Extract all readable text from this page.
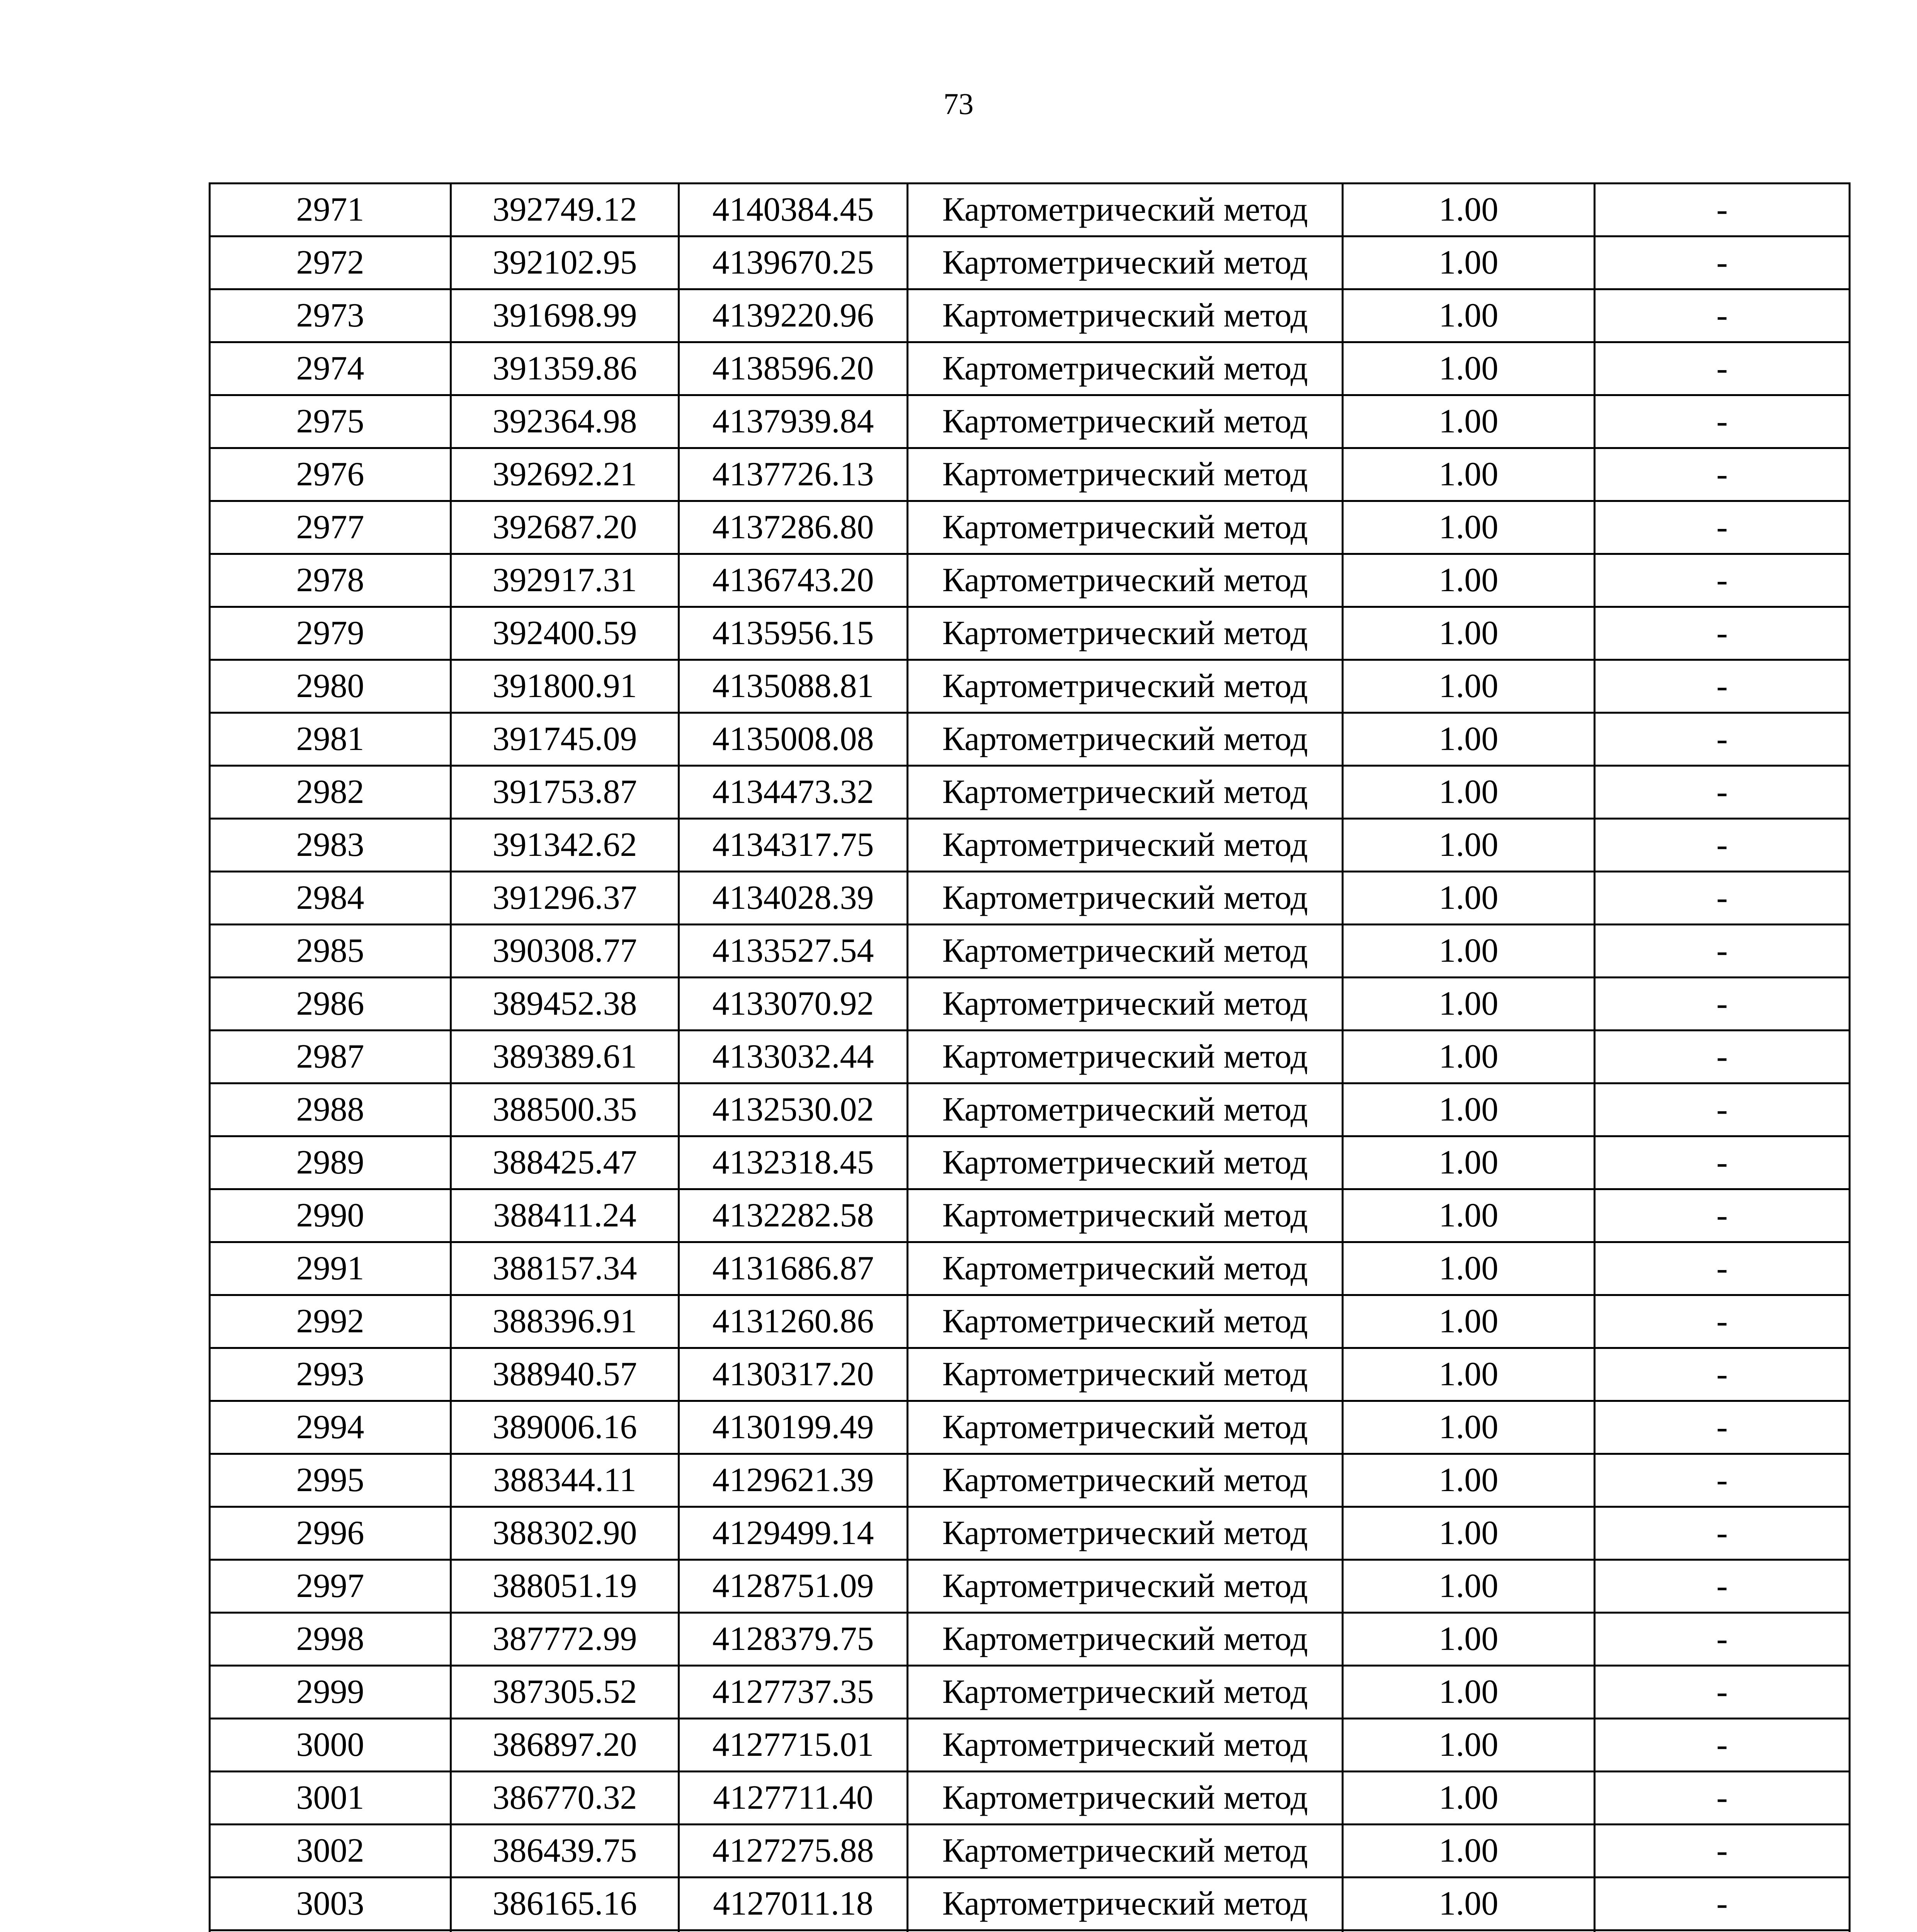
73
2971	392749.12	4140384.45	Картометрический метод	1.00	-
2972	392102.95	4139670.25	Картометрический метод	1.00	-
2973	391698.99	4139220.96	Картометрический метод	1.00	-
2974	391359.86	4138596.20	Картометрический метод	1.00	-
2975	392364.98	4137939.84	Картометрический метод	1.00	-
2976	392692.21	4137726.13	Картометрический метод	1.00	-
2977	392687.20	4137286.80	Картометрический метод	1.00	-
2978	392917.31	4136743.20	Картометрический метод	1.00	-
2979	392400.59	4135956.15	Картометрический метод	1.00	-
2980	391800.91	4135088.81	Картометрический метод	1.00	-
2981	391745.09	4135008.08	Картометрический метод	1.00	-
2982	391753.87	4134473.32	Картометрический метод	1.00	-
2983	391342.62	4134317.75	Картометрический метод	1.00	-
2984	391296.37	4134028.39	Картометрический метод	1.00	-
2985	390308.77	4133527.54	Картометрический метод	1.00	-
2986	389452.38	4133070.92	Картометрический метод	1.00	-
2987	389389.61	4133032.44	Картометрический метод	1.00	-
2988	388500.35	4132530.02	Картометрический метод	1.00	-
2989	388425.47	4132318.45	Картометрический метод	1.00	-
2990	388411.24	4132282.58	Картометрический метод	1.00	-
2991	388157.34	4131686.87	Картометрический метод	1.00	-
2992	388396.91	4131260.86	Картометрический метод	1.00	-
2993	388940.57	4130317.20	Картометрический метод	1.00	-
2994	389006.16	4130199.49	Картометрический метод	1.00	-
2995	388344.11	4129621.39	Картометрический метод	1.00	-
2996	388302.90	4129499.14	Картометрический метод	1.00	-
2997	388051.19	4128751.09	Картометрический метод	1.00	-
2998	387772.99	4128379.75	Картометрический метод	1.00	-
2999	387305.52	4127737.35	Картометрический метод	1.00	-
3000	386897.20	4127715.01	Картометрический метод	1.00	-
3001	386770.32	4127711.40	Картометрический метод	1.00	-
3002	386439.75	4127275.88	Картометрический метод	1.00	-
3003	386165.16	4127011.18	Картометрический метод	1.00	-
